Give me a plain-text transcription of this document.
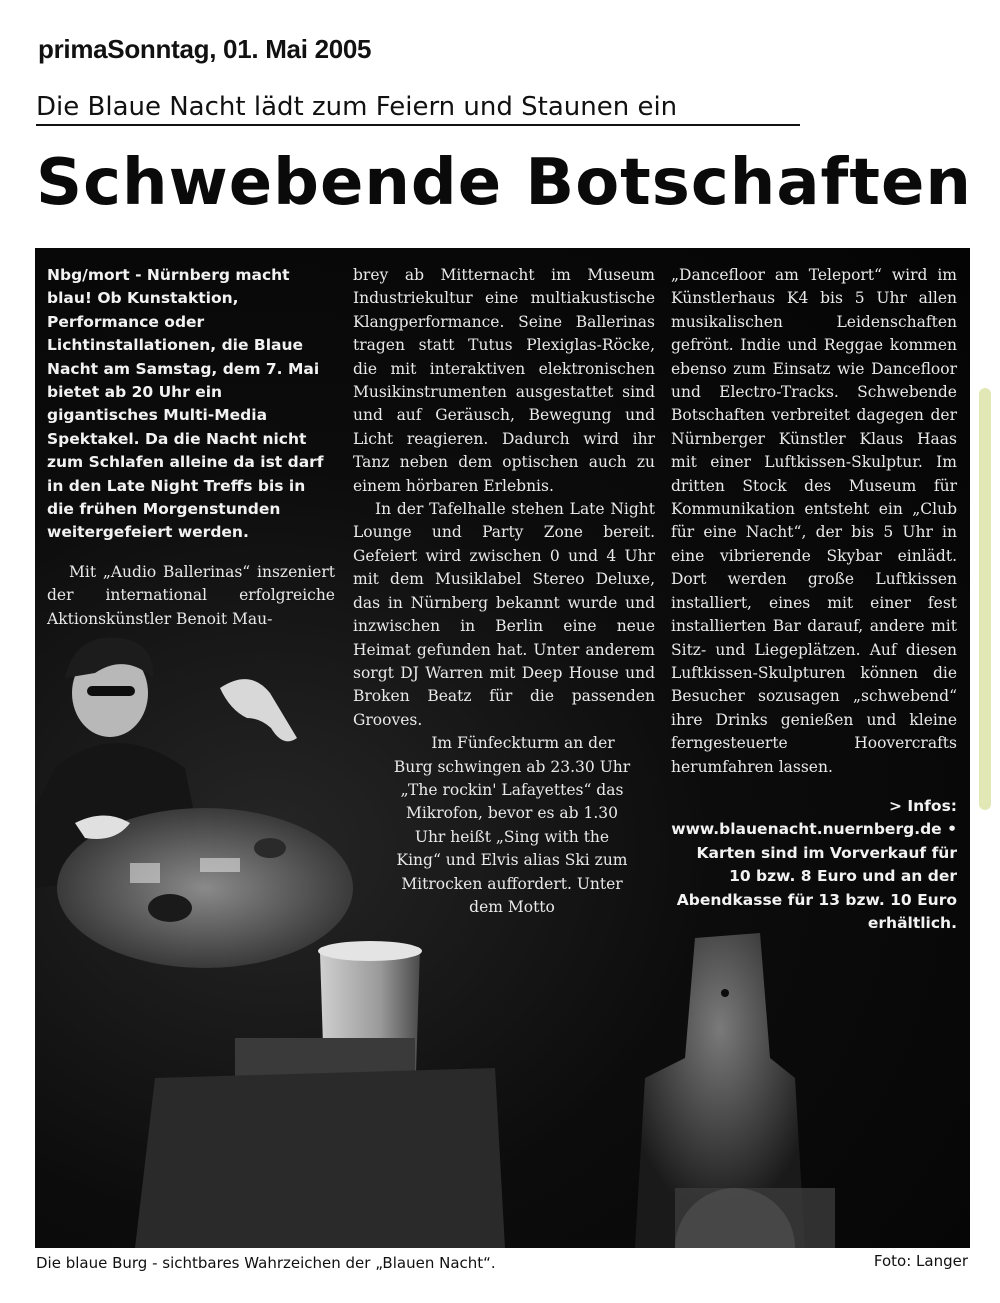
primaSonntag, 01. Mai 2005
Die Blaue Nacht lädt zum Feiern und Staunen ein
Schwebende Botschaften

Nbg/mort - Nürnberg macht blau! Ob Kunstaktion, Performance oder Lichtinstallationen, die Blaue Nacht am Samstag, dem 7. Mai bietet ab 20 Uhr ein gigantisches Multi-Media Spektakel. Da die Nacht nicht zum Schlafen alleine da ist darf in den Late Night Treffs bis in die frühen Morgenstunden weitergefeiert werden.

Mit „Audio Ballerinas“ inszeniert der international erfolgreiche Aktionskünstler Benoit Mau-

brey ab Mitternacht im Museum Industriekultur eine multiakustische Klangperformance. Seine Ballerinas tragen statt Tutus Plexiglas-Röcke, die mit interaktiven elektronischen Musikinstrumenten ausgestattet sind und auf Geräusch, Bewegung und Licht reagieren. Dadurch wird ihr Tanz neben dem optischen auch zu einem hörbaren Erlebnis.

In der Tafelhalle stehen Late Night Lounge und Party Zone bereit. Gefeiert wird zwischen 0 und 4 Uhr mit dem Musiklabel Stereo Deluxe, das in Nürnberg bekannt wurde und inzwischen in Berlin eine neue Heimat gefunden hat. Unter anderem sorgt DJ Warren mit Deep House und Broken Beatz für die passenden Grooves.

Im Fünfeckturm an der Burg schwingen ab 23.30 Uhr „The rockin' Lafayettes“ das Mikrofon, bevor es ab 1.30 Uhr heißt „Sing with the King“ und Elvis alias Ski zum Mitrocken auffordert. Unter dem Motto

„Dancefloor am Teleport“ wird im Künstlerhaus K4 bis 5 Uhr allen musikalischen Leidenschaften gefrönt. Indie und Reggae kommen ebenso zum Einsatz wie Dancefloor und Electro-Tracks. Schwebende Botschaften verbreitet dagegen der Nürnberger Künstler Klaus Haas mit einer Luftkissen-Skulptur. Im dritten Stock des Museum für Kommunikation entsteht ein „Club für eine Nacht“, der bis 5 Uhr in eine vibrierende Skybar einlädt. Dort werden große Luftkissen installiert, eines mit einer fest installierten Bar darauf, andere mit Sitz- und Liegeplätzen. Auf diesen Luftkissen-Skulpturen können die Besucher sozusagen „schwebend“ ihre Drinks genießen und kleine ferngesteuerte Hoovercrafts herumfahren lassen.

> Infos: www.blauenacht.nuernberg.de • Karten sind im Vorverkauf für 10 bzw. 8 Euro und an der Abendkasse für 13 bzw. 10 Euro erhältlich.

Die blaue Burg - sichtbares Wahrzeichen der „Blauen Nacht“.	Foto: Langer
